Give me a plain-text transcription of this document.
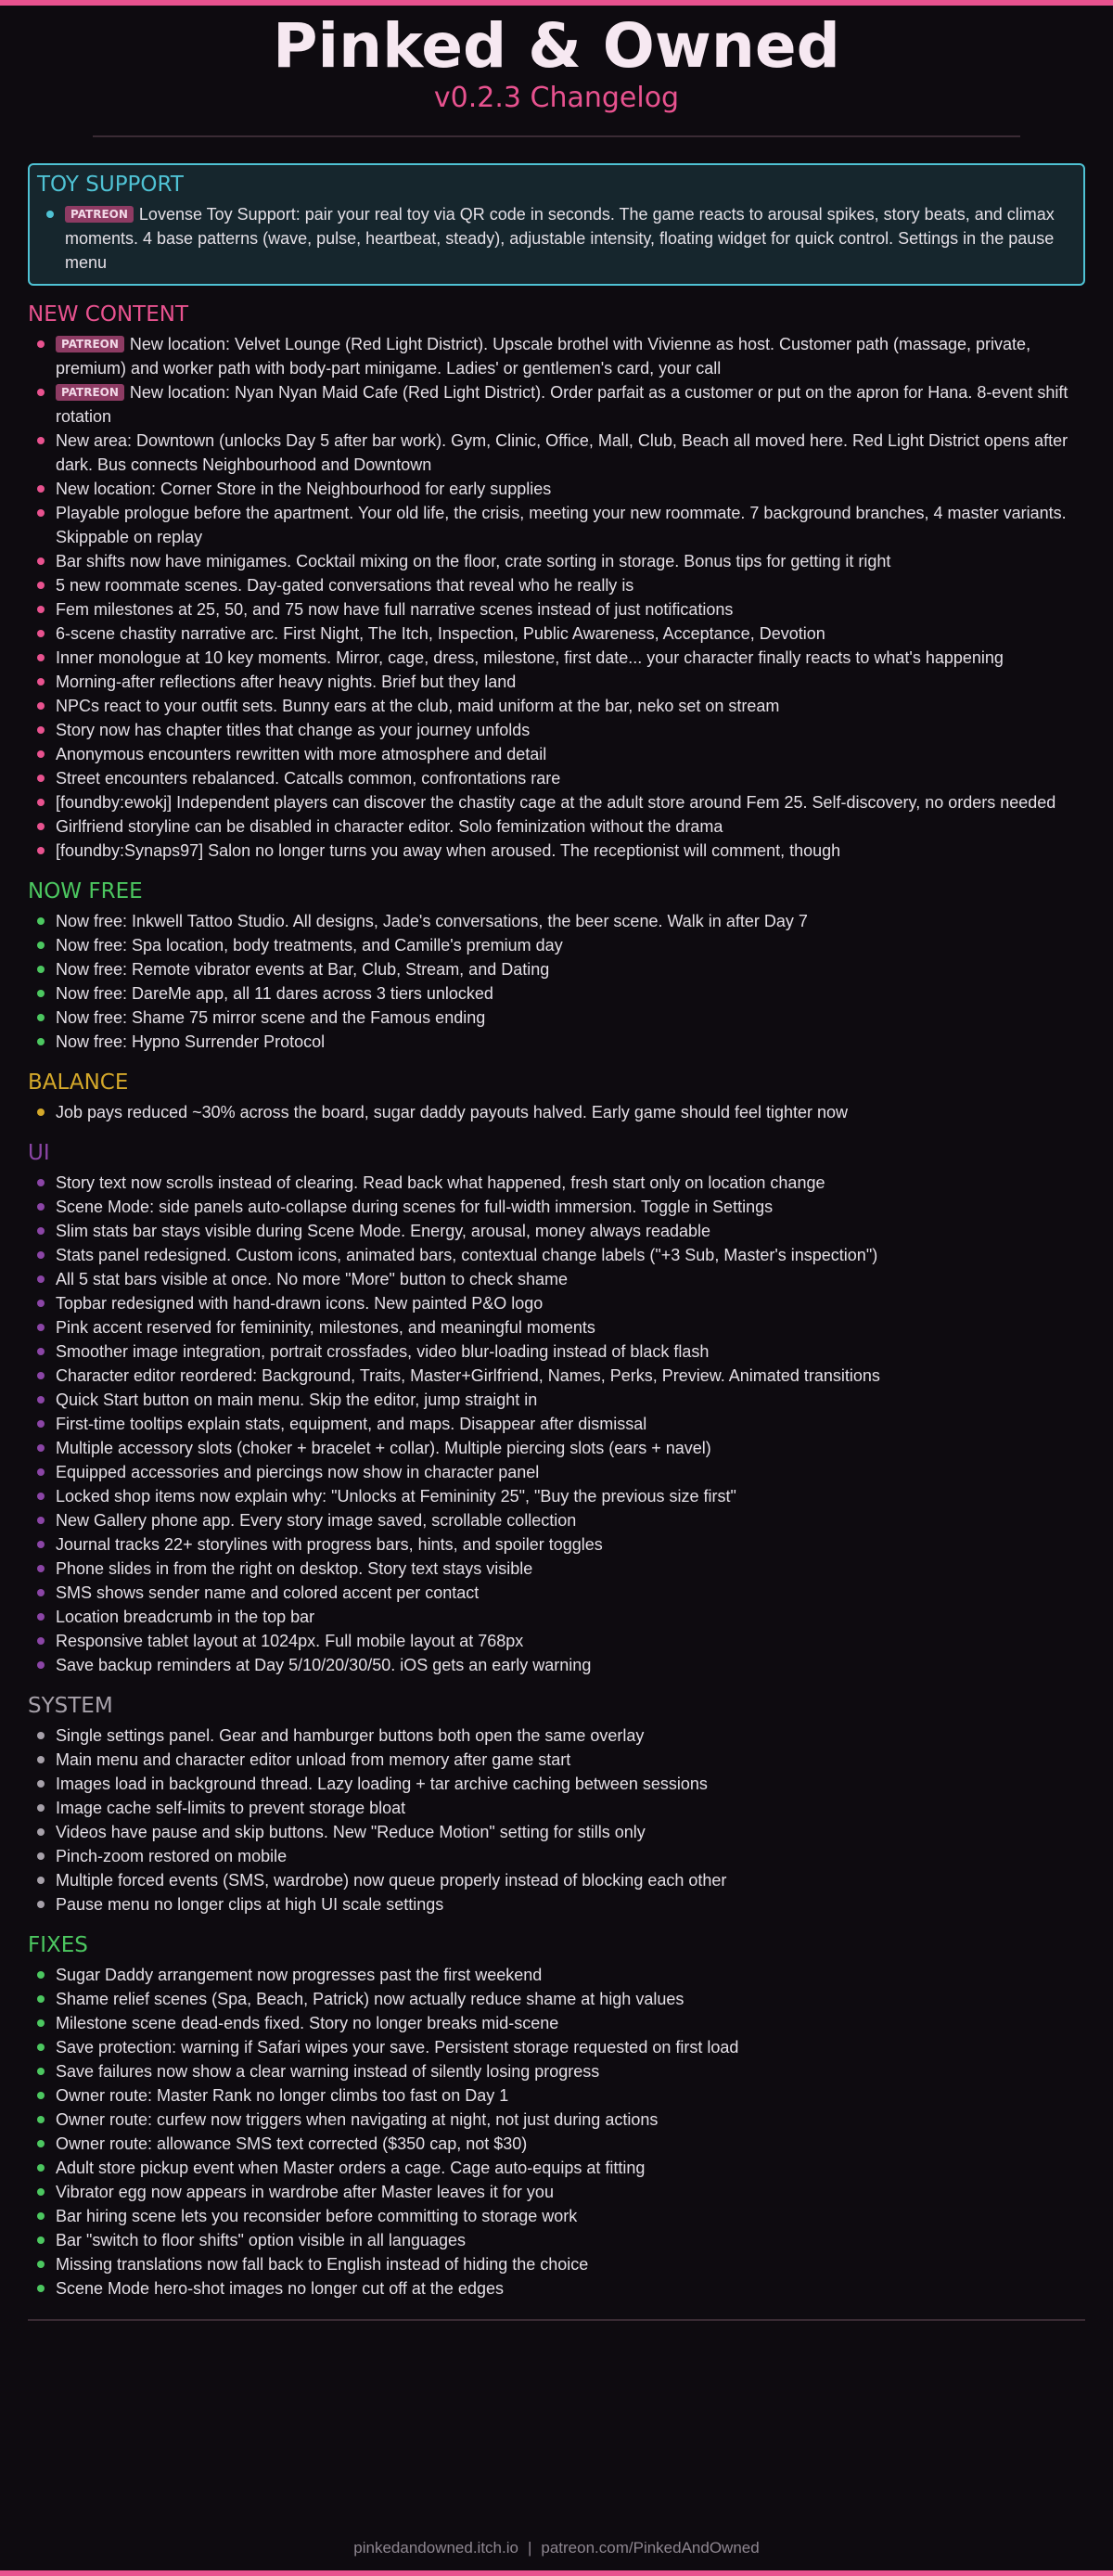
Pinked & Owned
v0.2.3 Changelog
TOY SUPPORT
PATREON Lovense Toy Support: pair your real toy via QR code in seconds. The game reacts to arousal spikes, story beats, and climax moments. 4 base patterns (wave, pulse, heartbeat, steady), adjustable intensity, floating widget for quick control. Settings in the pause menu
NEW CONTENT
PATREON New location: Velvet Lounge (Red Light District). Upscale brothel with Vivienne as host. Customer path (massage, private, premium) and worker path with body-part minigame. Ladies' or gentlemen's card, your call
PATREON New location: Nyan Nyan Maid Cafe (Red Light District). Order parfait as a customer or put on the apron for Hana. 8-event shift rotation
New area: Downtown (unlocks Day 5 after bar work). Gym, Clinic, Office, Mall, Club, Beach all moved here. Red Light District opens after dark. Bus connects Neighbourhood and Downtown
New location: Corner Store in the Neighbourhood for early supplies
Playable prologue before the apartment. Your old life, the crisis, meeting your new roommate. 7 background branches, 4 master variants. Skippable on replay
Bar shifts now have minigames. Cocktail mixing on the floor, crate sorting in storage. Bonus tips for getting it right
5 new roommate scenes. Day-gated conversations that reveal who he really is
Fem milestones at 25, 50, and 75 now have full narrative scenes instead of just notifications
6-scene chastity narrative arc. First Night, The Itch, Inspection, Public Awareness, Acceptance, Devotion
Inner monologue at 10 key moments. Mirror, cage, dress, milestone, first date... your character finally reacts to what's happening
Morning-after reflections after heavy nights. Brief but they land
NPCs react to your outfit sets. Bunny ears at the club, maid uniform at the bar, neko set on stream
Story now has chapter titles that change as your journey unfolds
Anonymous encounters rewritten with more atmosphere and detail
Street encounters rebalanced. Catcalls common, confrontations rare
[foundby:ewokj] Independent players can discover the chastity cage at the adult store around Fem 25. Self-discovery, no orders needed
Girlfriend storyline can be disabled in character editor. Solo feminization without the drama
[foundby:Synaps97] Salon no longer turns you away when aroused. The receptionist will comment, though
NOW FREE
Now free: Inkwell Tattoo Studio. All designs, Jade's conversations, the beer scene. Walk in after Day 7
Now free: Spa location, body treatments, and Camille's premium day
Now free: Remote vibrator events at Bar, Club, Stream, and Dating
Now free: DareMe app, all 11 dares across 3 tiers unlocked
Now free: Shame 75 mirror scene and the Famous ending
Now free: Hypno Surrender Protocol
BALANCE
Job pays reduced ~30% across the board, sugar daddy payouts halved. Early game should feel tighter now
UI
Story text now scrolls instead of clearing. Read back what happened, fresh start only on location change
Scene Mode: side panels auto-collapse during scenes for full-width immersion. Toggle in Settings
Slim stats bar stays visible during Scene Mode. Energy, arousal, money always readable
Stats panel redesigned. Custom icons, animated bars, contextual change labels ("+3 Sub, Master's inspection")
All 5 stat bars visible at once. No more "More" button to check shame
Topbar redesigned with hand-drawn icons. New painted P&O logo
Pink accent reserved for femininity, milestones, and meaningful moments
Smoother image integration, portrait crossfades, video blur-loading instead of black flash
Character editor reordered: Background, Traits, Master+Girlfriend, Names, Perks, Preview. Animated transitions
Quick Start button on main menu. Skip the editor, jump straight in
First-time tooltips explain stats, equipment, and maps. Disappear after dismissal
Multiple accessory slots (choker + bracelet + collar). Multiple piercing slots (ears + navel)
Equipped accessories and piercings now show in character panel
Locked shop items now explain why: "Unlocks at Femininity 25", "Buy the previous size first"
New Gallery phone app. Every story image saved, scrollable collection
Journal tracks 22+ storylines with progress bars, hints, and spoiler toggles
Phone slides in from the right on desktop. Story text stays visible
SMS shows sender name and colored accent per contact
Location breadcrumb in the top bar
Responsive tablet layout at 1024px. Full mobile layout at 768px
Save backup reminders at Day 5/10/20/30/50. iOS gets an early warning
SYSTEM
Single settings panel. Gear and hamburger buttons both open the same overlay
Main menu and character editor unload from memory after game start
Images load in background thread. Lazy loading + tar archive caching between sessions
Image cache self-limits to prevent storage bloat
Videos have pause and skip buttons. New "Reduce Motion" setting for stills only
Pinch-zoom restored on mobile
Multiple forced events (SMS, wardrobe) now queue properly instead of blocking each other
Pause menu no longer clips at high UI scale settings
FIXES
Sugar Daddy arrangement now progresses past the first weekend
Shame relief scenes (Spa, Beach, Patrick) now actually reduce shame at high values
Milestone scene dead-ends fixed. Story no longer breaks mid-scene
Save protection: warning if Safari wipes your save. Persistent storage requested on first load
Save failures now show a clear warning instead of silently losing progress
Owner route: Master Rank no longer climbs too fast on Day 1
Owner route: curfew now triggers when navigating at night, not just during actions
Owner route: allowance SMS text corrected ($350 cap, not $30)
Adult store pickup event when Master orders a cage. Cage auto-equips at fitting
Vibrator egg now appears in wardrobe after Master leaves it for you
Bar hiring scene lets you reconsider before committing to storage work
Bar "switch to floor shifts" option visible in all languages
Missing translations now fall back to English instead of hiding the choice
Scene Mode hero-shot images no longer cut off at the edges
pinkedandowned.itch.io | patreon.com/PinkedAndOwned
